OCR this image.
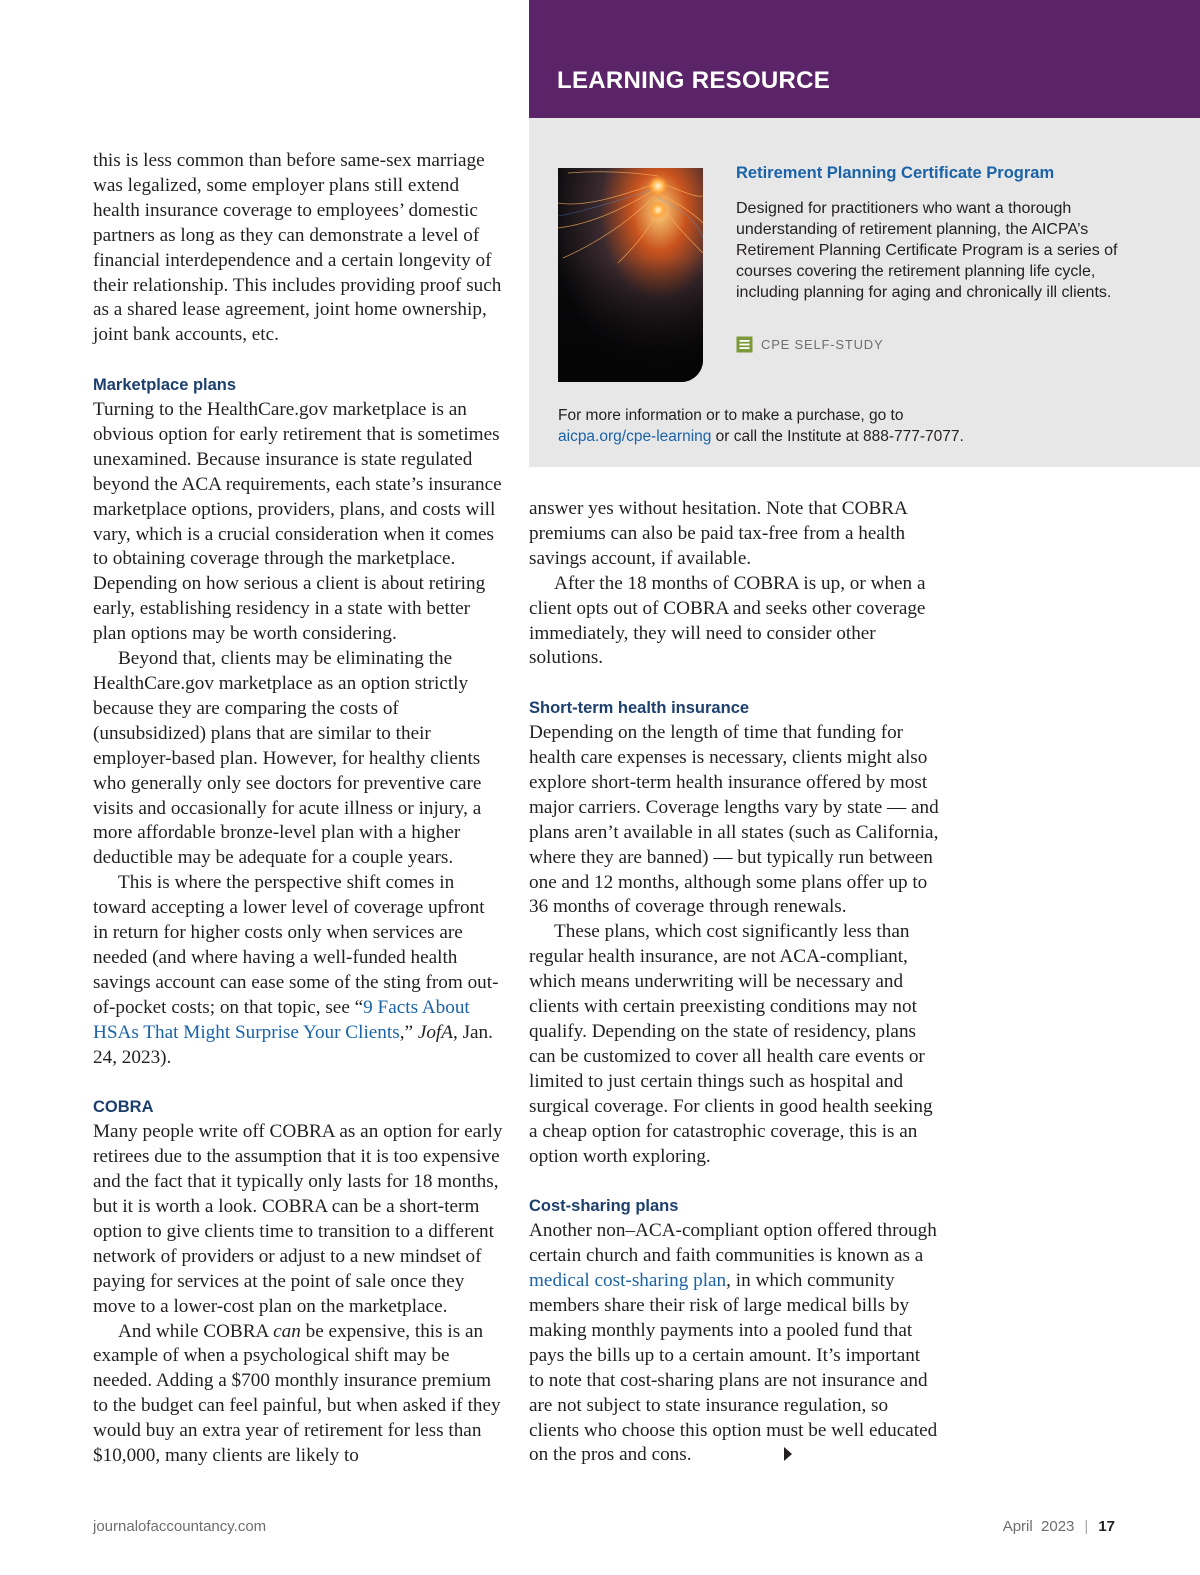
LEARNING RESOURCE
Retirement Planning Certificate Program

Designed for practitioners who want a thorough understanding of retirement planning, the AICPA’s Retirement Planning Certificate Program is a series of courses covering the retirement planning life cycle, including planning for aging and chronically ill clients.

CPE SELF-STUDY
For more information or to make a purchase, go to
aicpa.org/cpe-learning or call the Institute at 888-777-7077.

this is less common than before same-sex marriage was legalized, some employer plans still extend health insurance coverage to employees’ domestic partners as long as they can demonstrate a level of financial interdependence and a certain longevity of their relationship. This includes providing proof such as a shared lease agreement, joint home ownership, joint bank accounts, etc.

Marketplace plans

Turning to the HealthCare.gov marketplace is an obvious option for early retirement that is sometimes unexamined. Because insurance is state regulated beyond the ACA requirements, each state’s insurance marketplace options, providers, plans, and costs will vary, which is a crucial consideration when it comes to obtaining coverage through the marketplace. Depending on how serious a client is about retiring early, establishing residency in a state with better plan options may be worth considering.

Beyond that, clients may be eliminating the HealthCare.gov marketplace as an option strictly because they are comparing the costs of (unsubsidized) plans that are similar to their employer-based plan. However, for healthy clients who generally only see doctors for preventive care visits and occasionally for acute illness or injury, a more affordable bronze-level plan with a higher deductible may be adequate for a couple years.

This is where the perspective shift comes in toward accepting a lower level of coverage upfront in return for higher costs only when services are needed (and where having a well-funded health savings account can ease some of the sting from out-of-pocket costs; on that topic, see “9 Facts About HSAs That Might Surprise Your Clients,” JofA, Jan. 24, 2023).

COBRA

Many people write off COBRA as an option for early retirees due to the assumption that it is too expensive and the fact that it typically only lasts for 18 months, but it is worth a look. COBRA can be a short-term option to give clients time to transition to a different network of providers or adjust to a new mindset of paying for services at the point of sale once they move to a lower-cost plan on the marketplace.

And while COBRA can be expensive, this is an example of when a psychological shift may be needed. Adding a $700 monthly insurance premium to the budget can feel painful, but when asked if they would buy an extra year of retirement for less than $10,000, many clients are likely to

answer yes without hesitation. Note that COBRA premiums can also be paid tax-free from a health savings account, if available.

After the 18 months of COBRA is up, or when a client opts out of COBRA and seeks other coverage immediately, they will need to consider other solutions.

Short-term health insurance

Depending on the length of time that funding for health care expenses is necessary, clients might also explore short-term health insurance offered by most major carriers. Coverage lengths vary by state — and plans aren’t available in all states (such as California, where they are banned) — but typically run between one and 12 months, although some plans offer up to 36 months of coverage through renewals.

These plans, which cost significantly less than regular health insurance, are not ACA-compliant, which means underwriting will be necessary and clients with certain preexisting conditions may not qualify. Depending on the state of residency, plans can be customized to cover all health care events or limited to just certain things such as hospital and surgical coverage. For clients in good health seeking a cheap option for catastrophic coverage, this is an option worth exploring.

Cost-sharing plans

Another non–ACA-compliant option offered through certain church and faith communities is known as a medical cost-sharing plan, in which community members share their risk of large medical bills by making monthly payments into a pooled fund that pays the bills up to a certain amount. It’s important to note that cost-sharing plans are not insurance and are not subject to state insurance regulation, so clients who choose this option must be well educated on the pros and cons.

journalofaccountancy.com	April  2023 | 17
